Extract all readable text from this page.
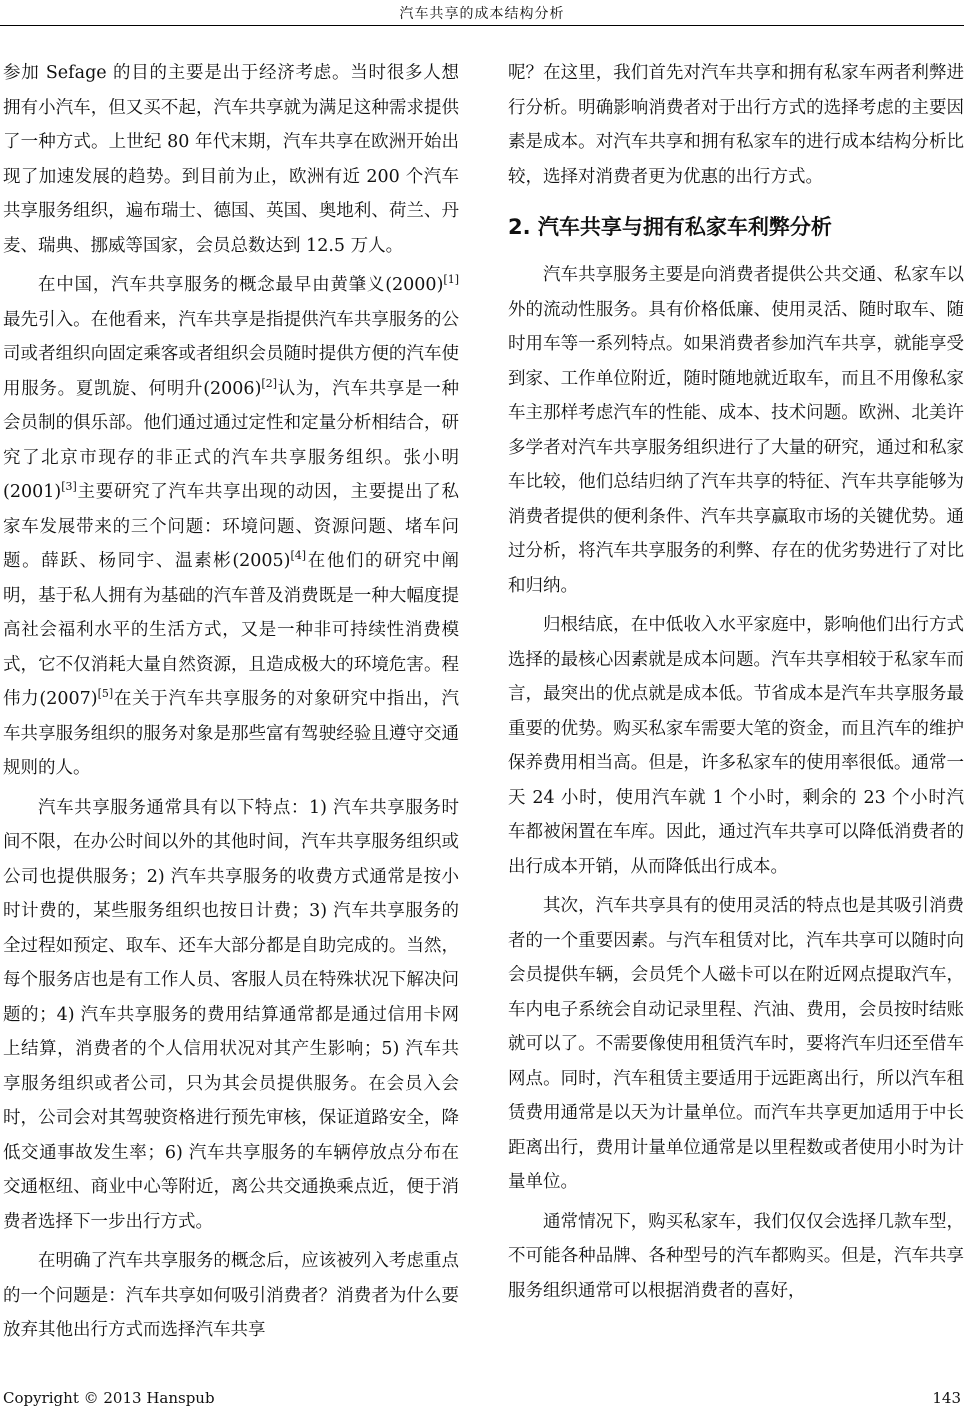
汽车共享的成本结构分析

参加 Sefage 的目的主要是出于经济考虑。当时很多人想拥有小汽车，但又买不起，汽车共享就为满足这种需求提供了一种方式。上世纪 80 年代末期，汽车共享在欧洲开始出现了加速发展的趋势。到目前为止，欧洲有近 200 个汽车共享服务组织，遍布瑞士、德国、英国、奥地利、荷兰、丹麦、瑞典、挪威等国家，会员总数达到 12.5 万人。

在中国，汽车共享服务的概念最早由黄肇义(2000)[1]最先引入。在他看来，汽车共享是指提供汽车共享服务的公司或者组织向固定乘客或者组织会员随时提供方便的汽车使用服务。夏凯旋、何明升(2006)[2]认为，汽车共享是一种会员制的俱乐部。他们通过通过定性和定量分析相结合，研究了北京市现存的非正式的汽车共享服务组织。张小明(2001)[3]主要研究了汽车共享出现的动因，主要提出了私家车发展带来的三个问题：环境问题、资源问题、堵车问题。薛跃、杨同宇、温素彬(2005)[4]在他们的研究中阐明，基于私人拥有为基础的汽车普及消费既是一种大幅度提高社会福利水平的生活方式，又是一种非可持续性消费模式，它不仅消耗大量自然资源，且造成极大的环境危害。程伟力(2007)[5]在关于汽车共享服务的对象研究中指出，汽车共享服务组织的服务对象是那些富有驾驶经验且遵守交通规则的人。

汽车共享服务通常具有以下特点：1) 汽车共享服务时间不限，在办公时间以外的其他时间，汽车共享服务组织或公司也提供服务；2) 汽车共享服务的收费方式通常是按小时计费的，某些服务组织也按日计费；3) 汽车共享服务的全过程如预定、取车、还车大部分都是自助完成的。当然，每个服务店也是有工作人员、客服人员在特殊状况下解决问题的；4) 汽车共享服务的费用结算通常都是通过信用卡网上结算，消费者的个人信用状况对其产生影响；5) 汽车共享服务组织或者公司，只为其会员提供服务。在会员入会时，公司会对其驾驶资格进行预先审核，保证道路安全，降低交通事故发生率；6) 汽车共享服务的车辆停放点分布在交通枢纽、商业中心等附近，离公共交通换乘点近，便于消费者选择下一步出行方式。

在明确了汽车共享服务的概念后，应该被列入考虑重点的一个问题是：汽车共享如何吸引消费者？消费者为什么要放弃其他出行方式而选择汽车共享

呢？在这里，我们首先对汽车共享和拥有私家车两者利弊进行分析。明确影响消费者对于出行方式的选择考虑的主要因素是成本。对汽车共享和拥有私家车的进行成本结构分析比较，选择对消费者更为优惠的出行方式。

2. 汽车共享与拥有私家车利弊分析

汽车共享服务主要是向消费者提供公共交通、私家车以外的流动性服务。具有价格低廉、使用灵活、随时取车、随时用车等一系列特点。如果消费者参加汽车共享，就能享受到家、工作单位附近，随时随地就近取车，而且不用像私家车主那样考虑汽车的性能、成本、技术问题。欧洲、北美许多学者对汽车共享服务组织进行了大量的研究，通过和私家车比较，他们总结归纳了汽车共享的特征、汽车共享能够为消费者提供的便利条件、汽车共享赢取市场的关键优势。通过分析，将汽车共享服务的利弊、存在的优劣势进行了对比和归纳。

归根结底，在中低收入水平家庭中，影响他们出行方式选择的最核心因素就是成本问题。汽车共享相较于私家车而言，最突出的优点就是成本低。节省成本是汽车共享服务最重要的优势。购买私家车需要大笔的资金，而且汽车的维护保养费用相当高。但是，许多私家车的使用率很低。通常一天 24 小时，使用汽车就 1 个小时，剩余的 23 个小时汽车都被闲置在车库。因此，通过汽车共享可以降低消费者的出行成本开销，从而降低出行成本。

其次，汽车共享具有的使用灵活的特点也是其吸引消费者的一个重要因素。与汽车租赁对比，汽车共享可以随时向会员提供车辆，会员凭个人磁卡可以在附近网点提取汽车，车内电子系统会自动记录里程、汽油、费用，会员按时结账就可以了。不需要像使用租赁汽车时，要将汽车归还至借车网点。同时，汽车租赁主要适用于远距离出行，所以汽车租赁费用通常是以天为计量单位。而汽车共享更加适用于中长距离出行，费用计量单位通常是以里程数或者使用小时为计量单位。

通常情况下，购买私家车，我们仅仅会选择几款车型，不可能各种品牌、各种型号的汽车都购买。但是，汽车共享服务组织通常可以根据消费者的喜好，

Copyright © 2013 Hanspub	143
